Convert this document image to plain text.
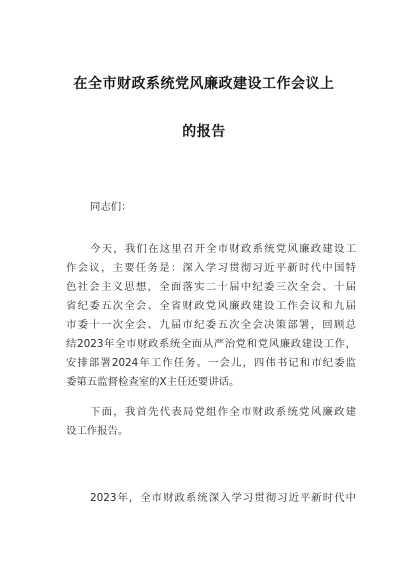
在全市财政系统党风廉政建设工作会议上
的报告
同志们：
今天，我们在这里召开全市财政系统党风廉政建设工
作会议，主要任务是：深入学习贯彻习近平新时代中国特
色社会主义思想，全面落实二十届中纪委三次全会、十届
省纪委五次全会、全省财政党风廉政建设工作会议和九届
市委十一次全会、九届市纪委五次全会决策部署，回顾总
结2023年全市财政系统全面从严治党和党风廉政建设工作，
安排部署2024年工作任务。一会儿，四伟书记和市纪委监
委第五监督检查室的X主任还要讲话。
下面，我首先代表局党组作全市财政系统党风廉政建
设工作报告。
2023年，全市财政系统深入学习贯彻习近平新时代中
